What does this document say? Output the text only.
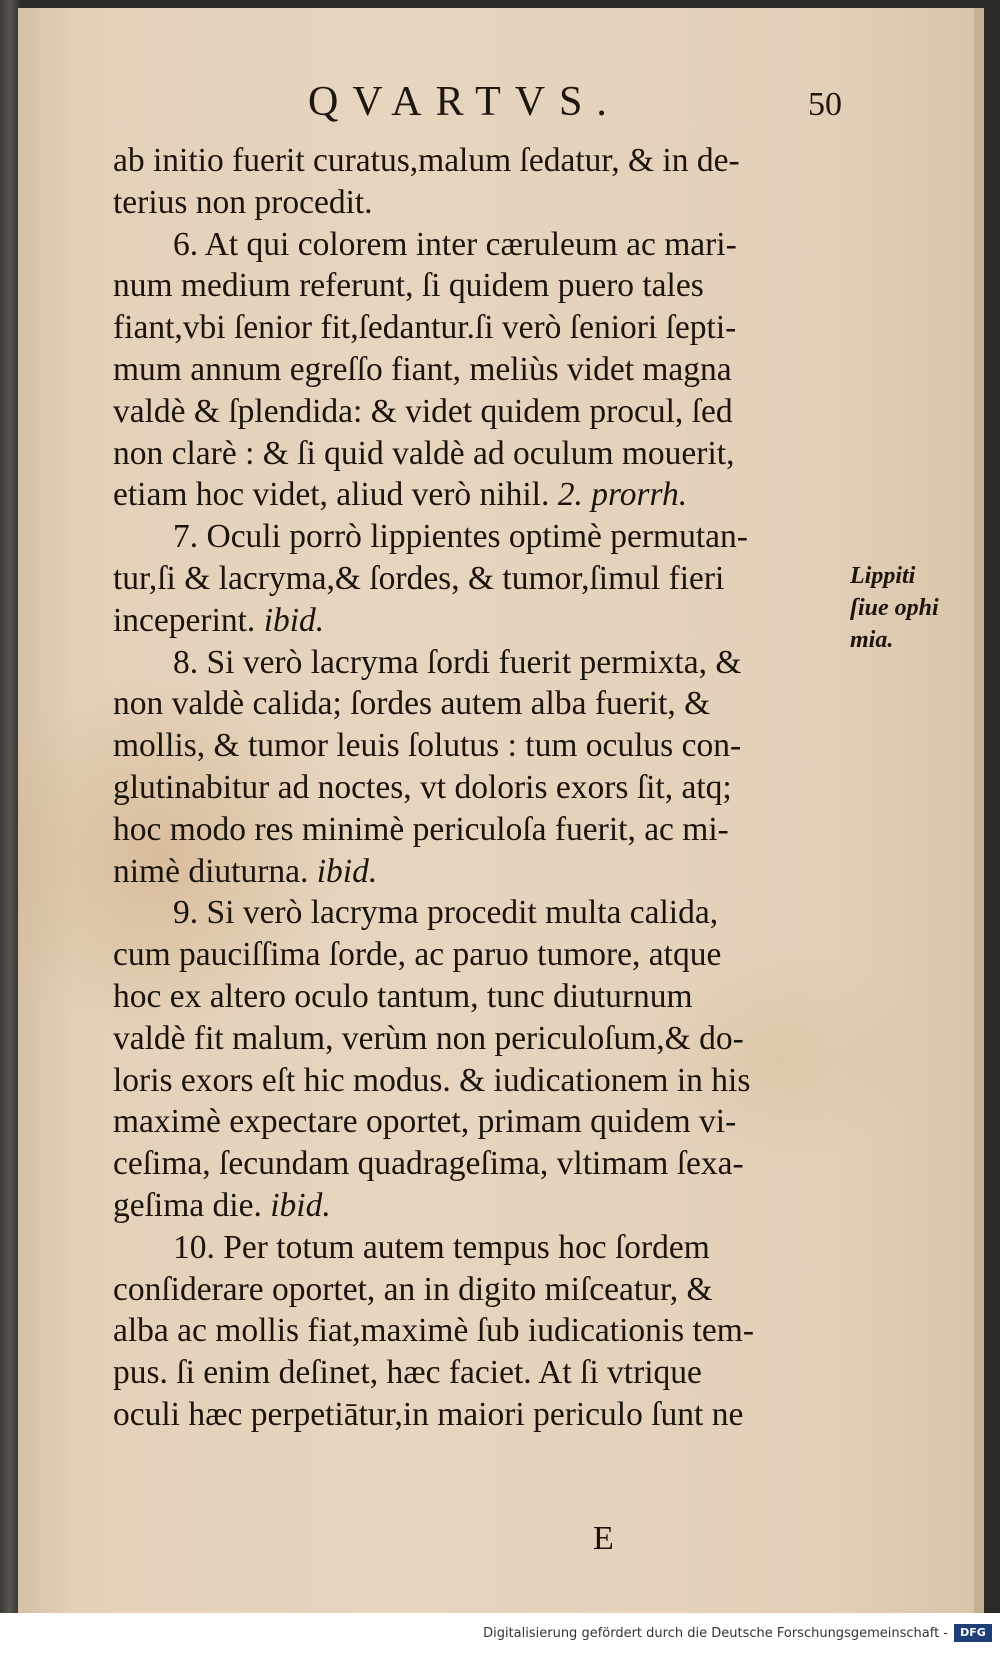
QVARTVS.	50
ab initio fuerit curatus,malum ſedatur, & in de-
terius non procedit.
6. At qui colorem inter cæruleum ac mari-
num medium referunt, ſi quidem puero tales
fiant,vbi ſenior fit,ſedantur.ſi verò ſeniori ſepti-
mum annum egreſſo fiant, meliùs videt magna
valdè & ſplendida: & videt quidem procul, ſed
non clarè : & ſi quid valdè ad oculum mouerit,
etiam hoc videt, aliud verò nihil. 2. prorrh.
7. Oculi porrò lippientes optimè permutan-
tur,ſi & lacryma,& ſordes, & tumor,ſimul fieri
inceperint. ibid.
8. Si verò lacryma ſordi fuerit permixta, &
non valdè calida; ſordes autem alba fuerit, &
mollis, & tumor leuis ſolutus : tum oculus con-
glutinabitur ad noctes, vt doloris exors ſit, atq;
hoc modo res minimè periculoſa fuerit, ac mi-
nimè diuturna. ibid.
9. Si verò lacryma procedit multa calida,
cum pauciſſima ſorde, ac paruo tumore, atque
hoc ex altero oculo tantum, tunc diuturnum
valdè fit malum, verùm non periculoſum,& do-
loris exors eſt hic modus. & iudicationem in his
maximè expectare oportet, primam quidem vi-
ceſima, ſecundam quadrageſima, vltimam ſexa-
geſima die. ibid.
10. Per totum autem tempus hoc ſordem
conſiderare oportet, an in digito miſceatur, &
alba ac mollis fiat,maximè ſub iudicationis tem-
pus. ſi enim deſinet, hæc faciet. At ſi vtrique
oculi hæc perpetiātur,in maiori periculo ſunt ne
Lippiti
ſiue ophi
mia.
E
Digitalisierung gefördert durch die Deutsche Forschungsgemeinschaft -	DFG
